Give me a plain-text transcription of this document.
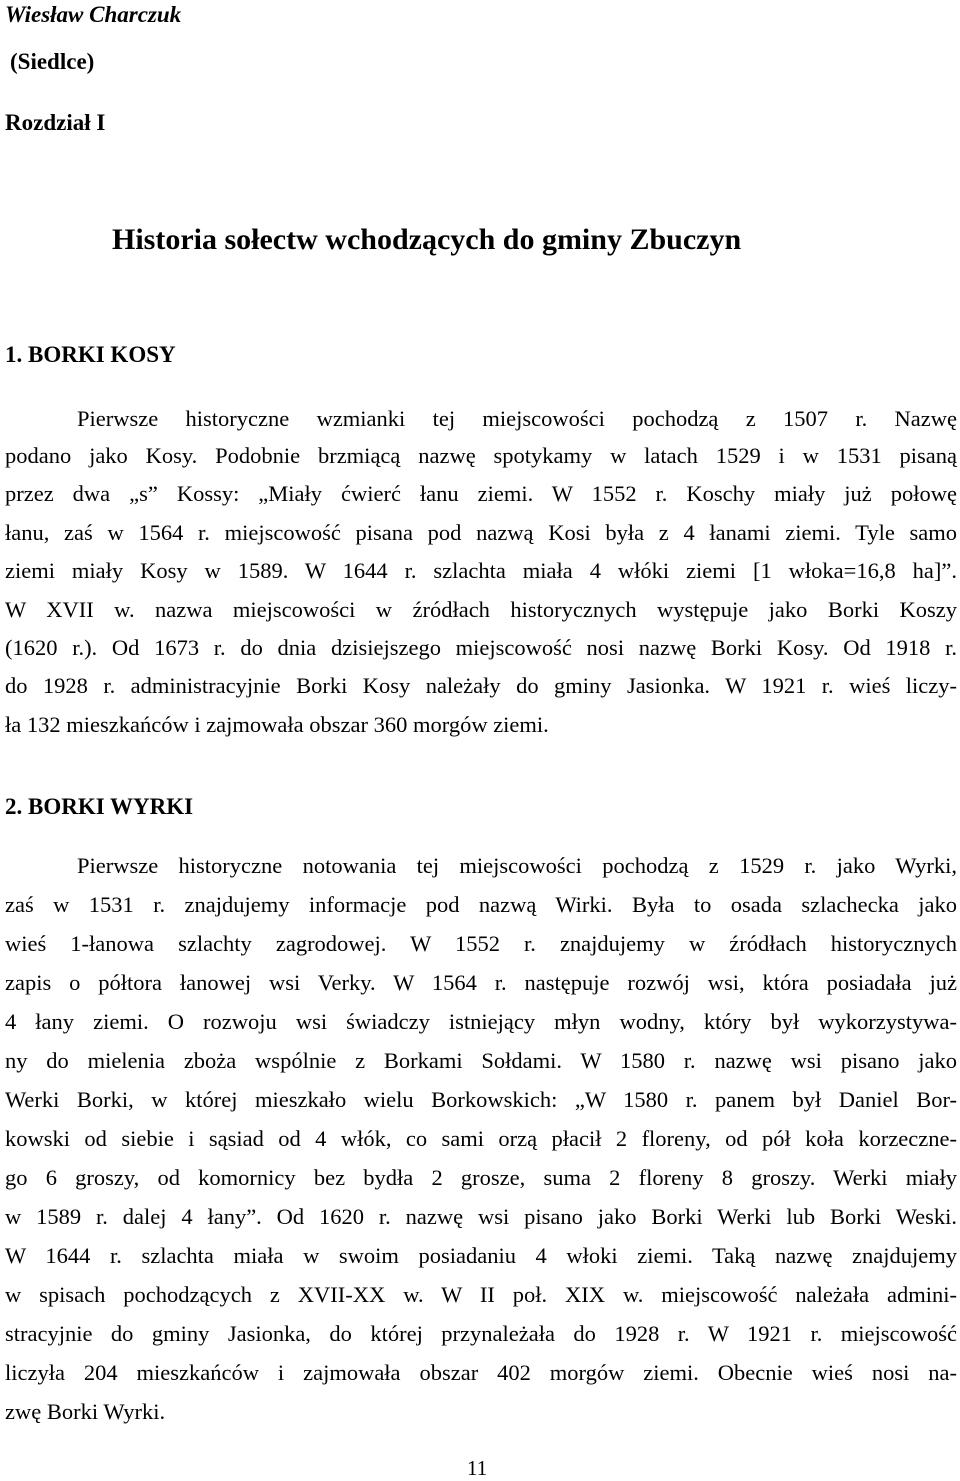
Wiesław Charczuk
(Siedlce)
Rozdział I
Historia sołectw wchodzących do gminy Zbuczyn
1. BORKI KOSY
Pierwsze historyczne wzmianki tej miejscowości pochodzą z 1507 r. Nazwę
podano jako Kosy. Podobnie brzmiącą nazwę spotykamy w latach 1529 i w 1531 pisaną
przez dwa „s” Kossy: „Miały ćwierć łanu ziemi. W 1552 r. Koschy miały już połowę
łanu, zaś w 1564 r. miejscowość pisana pod nazwą Kosi była z 4 łanami ziemi. Tyle samo
ziemi miały Kosy w 1589. W 1644 r. szlachta miała 4 włóki ziemi [1 włoka=16,8 ha]”.
W XVII w. nazwa miejscowości w źródłach historycznych występuje jako Borki Koszy
(1620 r.). Od 1673 r. do dnia dzisiejszego miejscowość nosi nazwę Borki Kosy. Od 1918 r.
do 1928 r. administracyjnie Borki Kosy należały do gminy Jasionka. W 1921 r. wieś liczy-
ła 132 mieszkańców i zajmowała obszar 360 morgów ziemi.
2. BORKI WYRKI
Pierwsze historyczne notowania tej miejscowości pochodzą z 1529 r. jako Wyrki,
zaś w 1531 r. znajdujemy informacje pod nazwą Wirki. Była to osada szlachecka jako
wieś 1-łanowa szlachty zagrodowej. W 1552 r. znajdujemy w źródłach historycznych
zapis o półtora łanowej wsi Verky. W 1564 r. następuje rozwój wsi, która posiadała już
4 łany ziemi. O rozwoju wsi świadczy istniejący młyn wodny, który był wykorzystywa-
ny do mielenia zboża wspólnie z Borkami Sołdami. W 1580 r. nazwę wsi pisano jako
Werki Borki, w której mieszkało wielu Borkowskich: „W 1580 r. panem był Daniel Bor-
kowski od siebie i sąsiad od 4 włók, co sami orzą płacił 2 floreny, od pół koła korzeczne-
go 6 groszy, od komornicy bez bydła 2 grosze, suma 2 floreny 8 groszy. Werki miały
w 1589 r. dalej 4 łany”. Od 1620 r. nazwę wsi pisano jako Borki Werki lub Borki Weski.
W 1644 r. szlachta miała w swoim posiadaniu 4 włoki ziemi. Taką nazwę znajdujemy
w spisach pochodzących z XVII-XX w. W II poł. XIX w. miejscowość należała admini-
stracyjnie do gminy Jasionka, do której przynależała do 1928 r. W 1921 r. miejscowość
liczyła 204 mieszkańców i zajmowała obszar 402 morgów ziemi. Obecnie wieś nosi na-
zwę Borki Wyrki.
11
